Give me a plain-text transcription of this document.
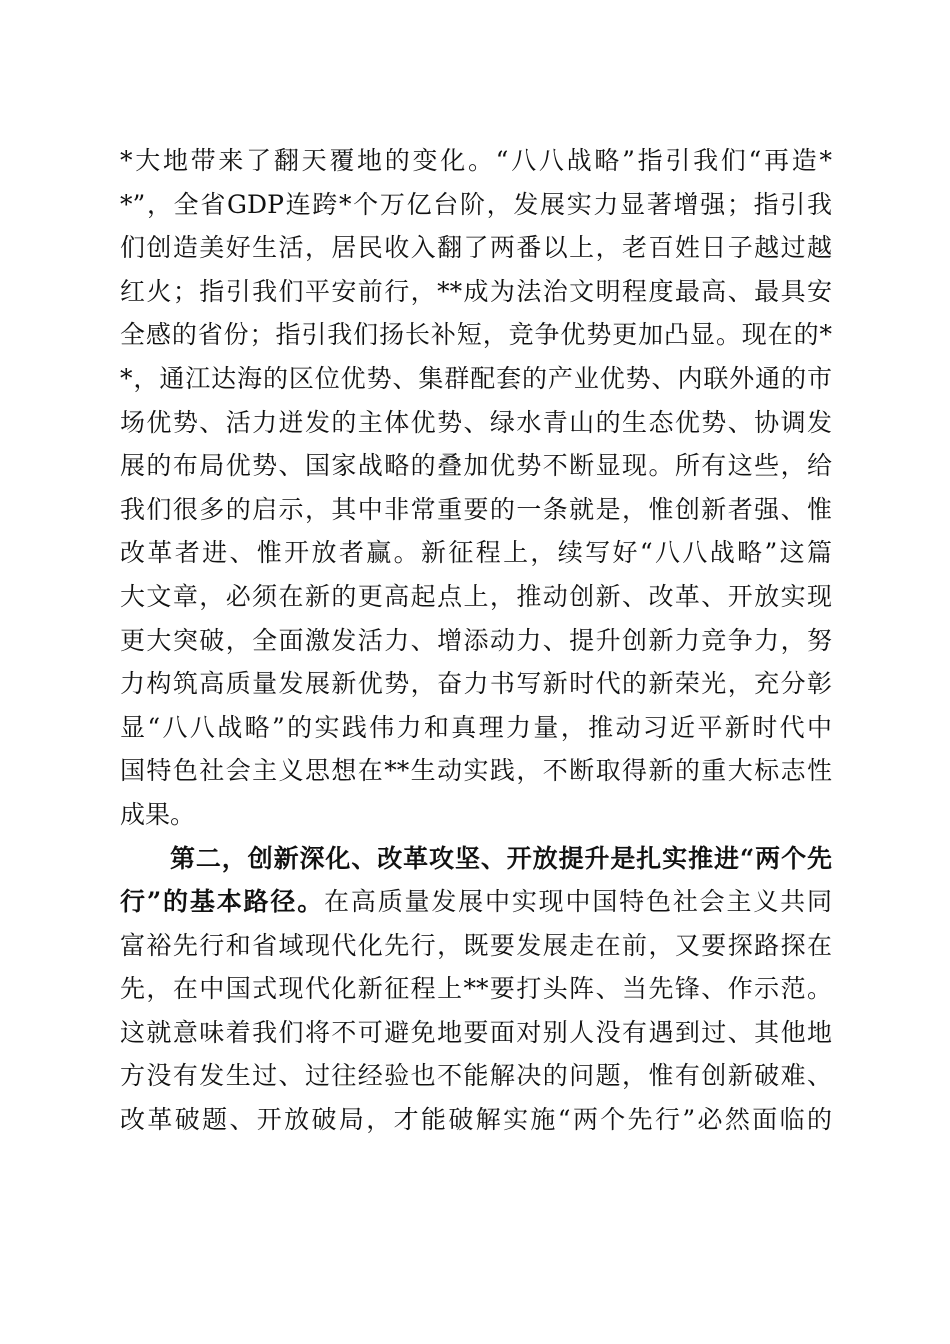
*大地带来了翻天覆地的变化。“八八战略”指引我们“再造*
*”，全省GDP连跨*个万亿台阶，发展实力显著增强；指引我
们创造美好生活，居民收入翻了两番以上，老百姓日子越过越
红火；指引我们平安前行，**成为法治文明程度最高、最具安
全感的省份；指引我们扬长补短，竞争优势更加凸显。现在的*
*，通江达海的区位优势、集群配套的产业优势、内联外通的市
场优势、活力迸发的主体优势、绿水青山的生态优势、协调发
展的布局优势、国家战略的叠加优势不断显现。所有这些，给
我们很多的启示，其中非常重要的一条就是，惟创新者强、惟
改革者进、惟开放者赢。新征程上，续写好“八八战略”这篇
大文章，必须在新的更高起点上，推动创新、改革、开放实现
更大突破，全面激发活力、增添动力、提升创新力竞争力，努
力构筑高质量发展新优势，奋力书写新时代的新荣光，充分彰
显“八八战略”的实践伟力和真理力量，推动习近平新时代中
国特色社会主义思想在**生动实践，不断取得新的重大标志性
成果。
第二，创新深化、改革攻坚、开放提升是扎实推进“两个先
行”的基本路径。在高质量发展中实现中国特色社会主义共同
富裕先行和省域现代化先行，既要发展走在前，又要探路探在
先，在中国式现代化新征程上**要打头阵、当先锋、作示范。
这就意味着我们将不可避免地要面对别人没有遇到过、其他地
方没有发生过、过往经验也不能解决的问题，惟有创新破难、
改革破题、开放破局，才能破解实施“两个先行”必然面临的
